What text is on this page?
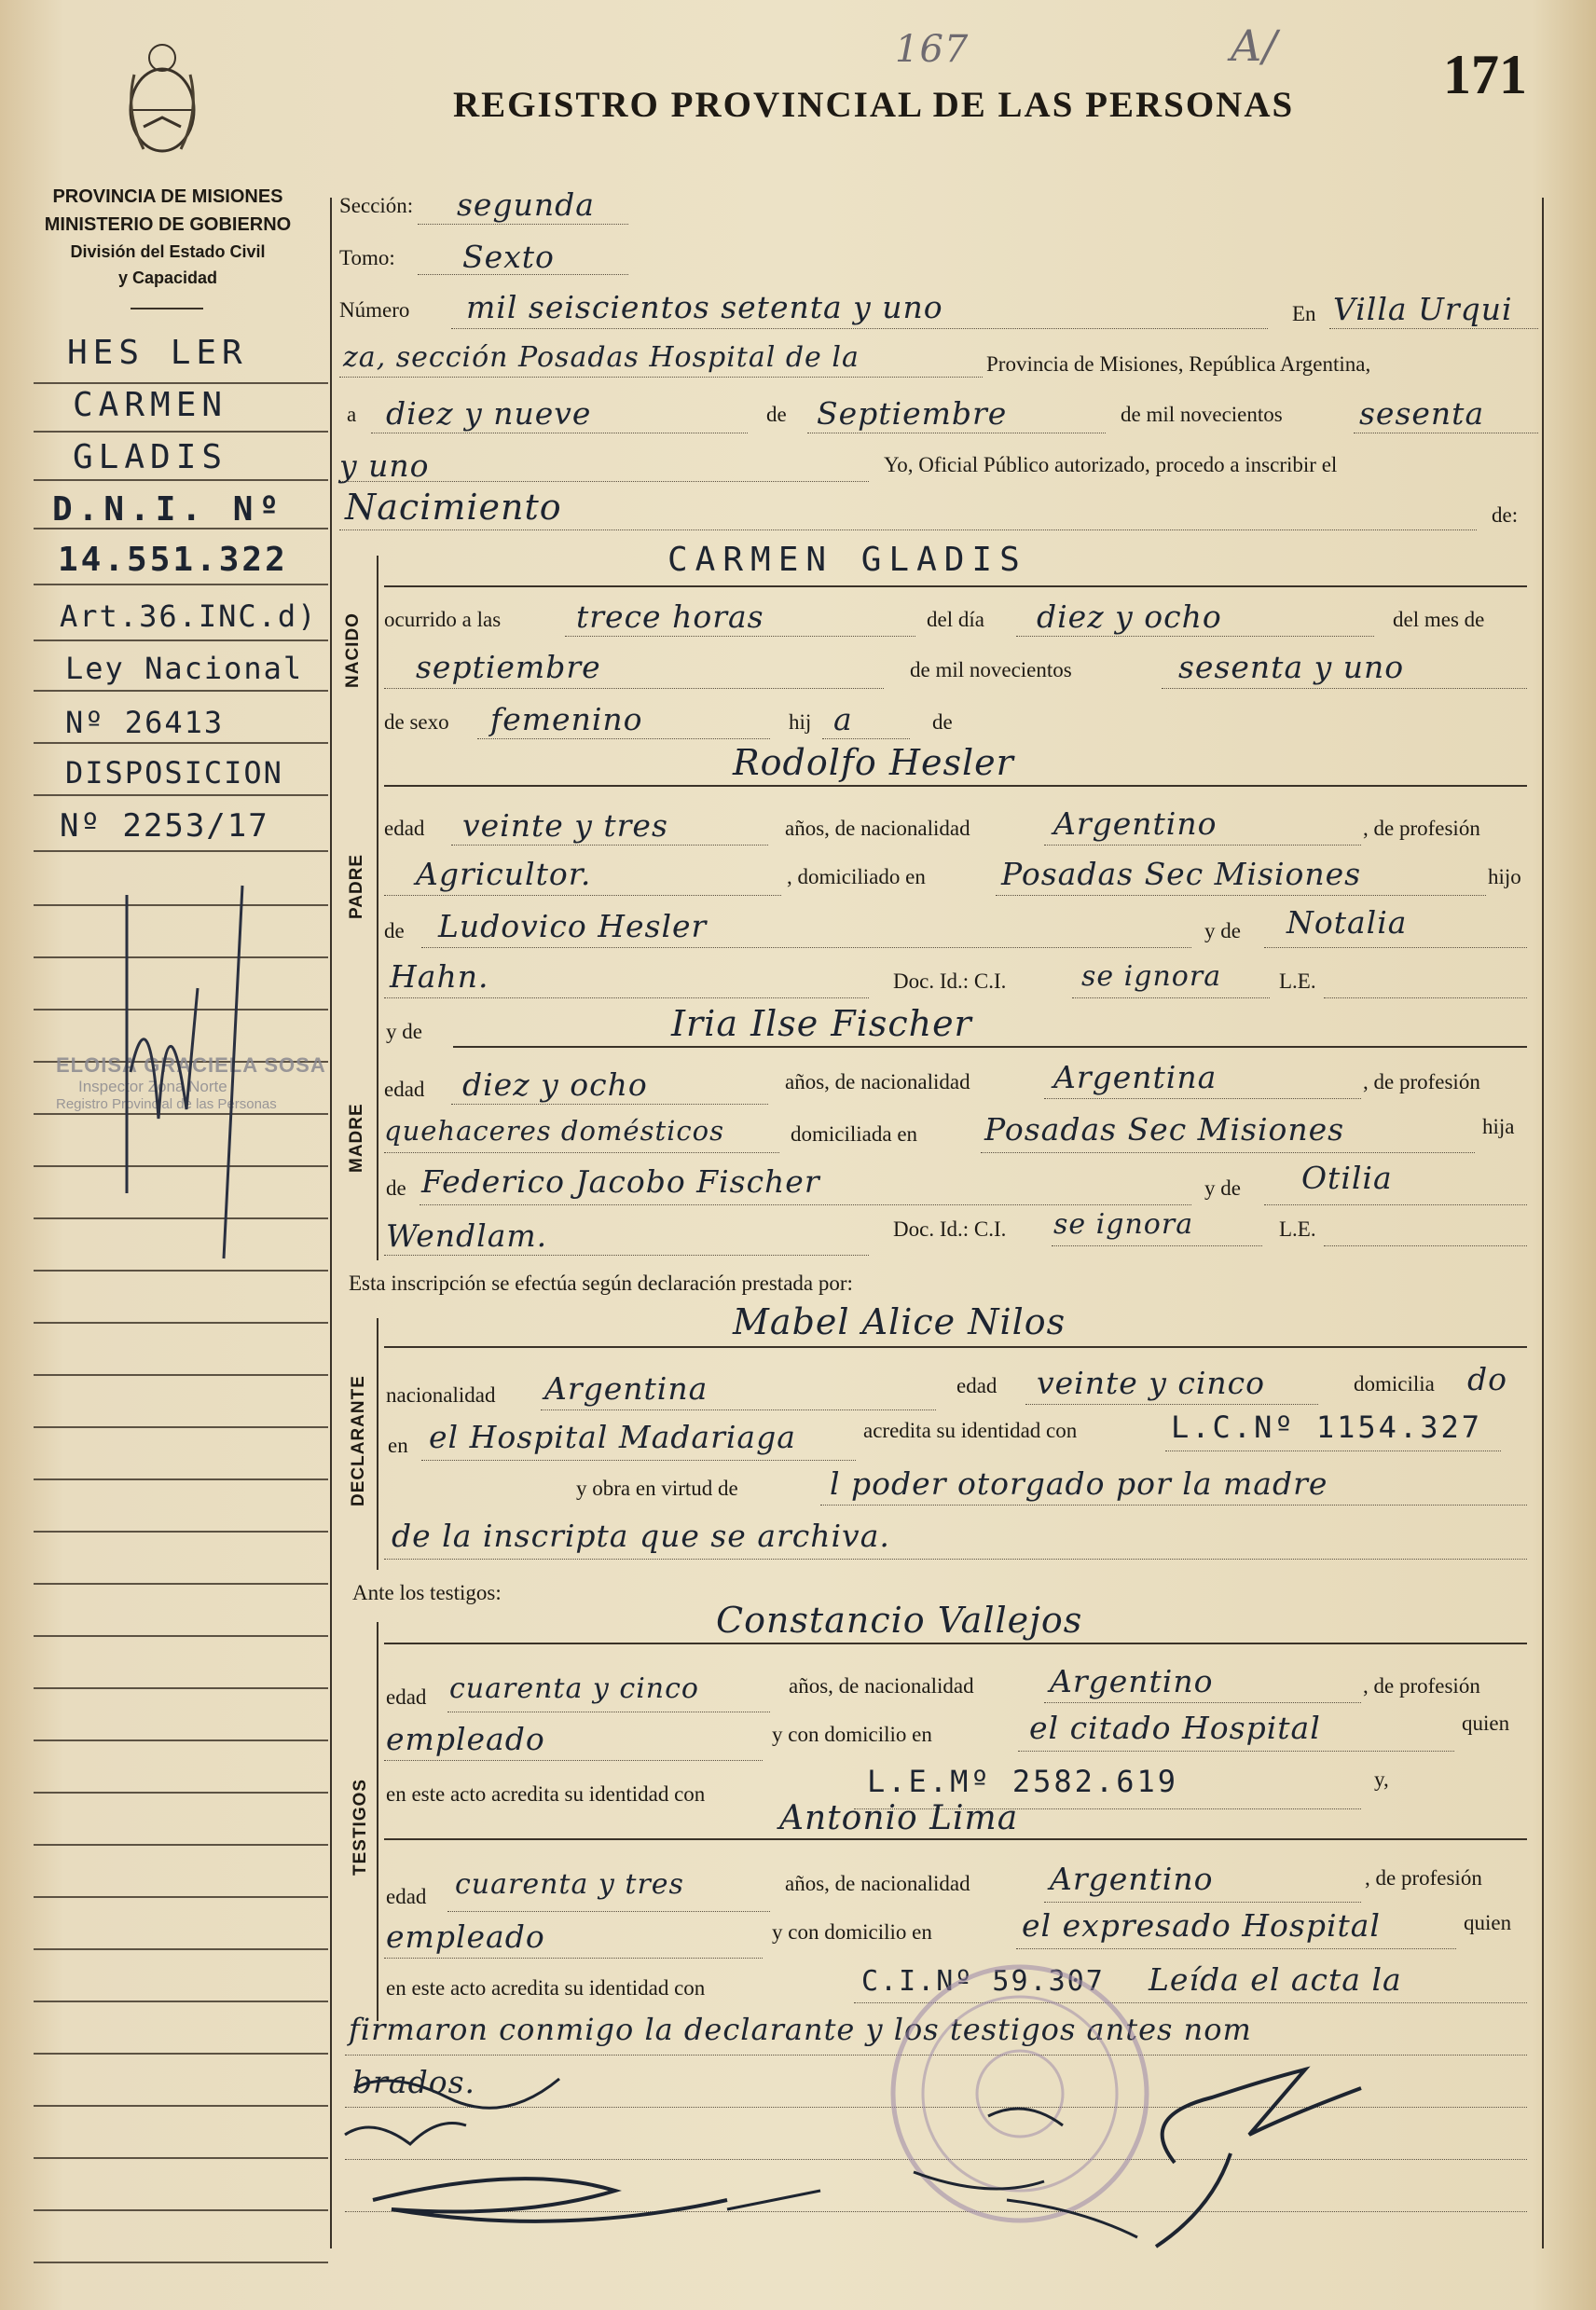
167	A/
REGISTRO PROVINCIAL DE LAS PERSONAS	171
PROVINCIA DE MISIONES
MINISTERIO DE GOBIERNO
División del Estado Civil
y Capacidad
HES LER
CARMEN
GLADIS
D.N.I. Nº
14.551.322
Art.36.INC.d)
Ley Nacional
Nº 26413
DISPOSICION
Nº 2253/17
ELOISA GRACIELA SOSA
Inspector Zona Norte
Registro Provincial de las Personas
Sección: segunda
Tomo: Sexto
Número mil seiscientos setenta y uno	En Villa Urqui
za, sección Posadas Hospital de la	Provincia de Misiones, República Argentina,
a diez y nueve	de Septiembre	de mil novecientos sesenta
y uno	Yo, Oficial Público autorizado, procedo a inscribir el
Nacimiento	de:
NACIDO
CARMEN GLADIS
ocurrido a las trece horas	del día diez y ocho	del mes de
septiembre	de mil novecientos	sesenta y uno
de sexo femenino	hij a	de
PADRE
Rodolfo Hesler
edad veinte y tres	años, de nacionalidad	Argentino	, de profesión
Agricultor.	, domiciliado en Posadas Sec Misiones	hijo
de Ludovico Hesler	y de Notalia
Hahn.	Doc. Id.: C.I.	se ignora	L.E.
MADRE
y de	Iria Ilse Fischer
edad diez y ocho	años, de nacionalidad	Argentina	, de profesión
quehaceres domésticos	domiciliada en Posadas Sec Misiones	hija
de Federico Jacobo Fischer	y de Otilia
Wendlam.	Doc. Id.: C.I. se ignora	L.E.
Esta inscripción se efectúa según declaración prestada por:
DECLARANTE
Mabel Alice Nilos
nacionalidad Argentina	edad veinte y cinco	domicilia do
en el Hospital Madariaga	acredita su identidad con	L.C.Nº 1154.327
y obra en virtud de	l poder otorgado por la madre
de la inscripta que se archiva.
Ante los testigos:
TESTIGOS
Constancio Vallejos
edad cuarenta y cinco	años, de nacionalidad Argentino	, de profesión
empleado	y con domicilio en	el citado Hospital	quien
en este acto acredita su identidad con	L.E.Mº 2582.619	y,
Antonio Lima
edad cuarenta y tres	años, de nacionalidad	Argentino	, de profesión
empleado	y con domicilio en	el expresado Hospital	quien
en este acto acredita su identidad con	C.I.Nº 59.307 Leída el acta la
firmaron conmigo la declarante y los testigos antes nom
brados.
